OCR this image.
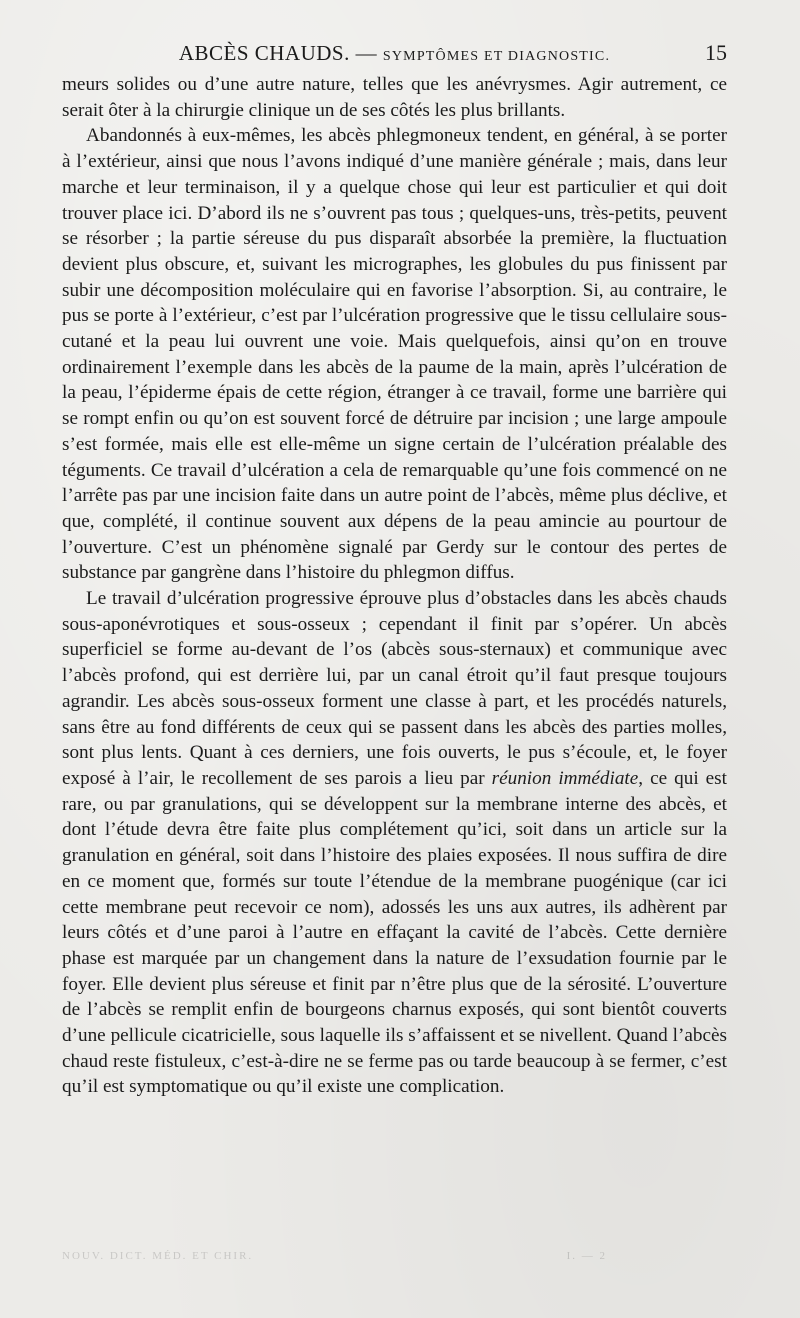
ABCÈS CHAUDS. — SYMPTÔMES ET DIAGNOSTIC.	15

meurs solides ou d’une autre nature, telles que les anévrysmes. Agir autrement, ce serait ôter à la chirurgie clinique un de ses côtés les plus brillants.

Abandonnés à eux-mêmes, les abcès phlegmoneux tendent, en général, à se porter à l’extérieur, ainsi que nous l’avons indiqué d’une manière générale ; mais, dans leur marche et leur terminaison, il y a quelque chose qui leur est particulier et qui doit trouver place ici. D’abord ils ne s’ouvrent pas tous ; quelques-uns, très-petits, peuvent se résorber ; la partie séreuse du pus disparaît absorbée la première, la fluctuation devient plus obscure, et, suivant les micrographes, les globules du pus finissent par subir une décomposition moléculaire qui en favorise l’absorption. Si, au contraire, le pus se porte à l’extérieur, c’est par l’ulcération progressive que le tissu cellulaire sous-cutané et la peau lui ouvrent une voie. Mais quelquefois, ainsi qu’on en trouve ordinairement l’exemple dans les abcès de la paume de la main, après l’ulcération de la peau, l’épiderme épais de cette région, étranger à ce travail, forme une barrière qui se rompt enfin ou qu’on est souvent forcé de détruire par incision ; une large ampoule s’est formée, mais elle est elle-même un signe certain de l’ulcération préalable des téguments. Ce travail d’ulcération a cela de remarquable qu’une fois commencé on ne l’arrête pas par une incision faite dans un autre point de l’abcès, même plus déclive, et que, complété, il continue souvent aux dépens de la peau amincie au pourtour de l’ouverture. C’est un phénomène signalé par Gerdy sur le contour des pertes de substance par gangrène dans l’histoire du phlegmon diffus.

Le travail d’ulcération progressive éprouve plus d’obstacles dans les abcès chauds sous-aponévrotiques et sous-osseux ; cependant il finit par s’opérer. Un abcès superficiel se forme au-devant de l’os (abcès sous-sternaux) et communique avec l’abcès profond, qui est derrière lui, par un canal étroit qu’il faut presque toujours agrandir. Les abcès sous-osseux forment une classe à part, et les procédés naturels, sans être au fond différents de ceux qui se passent dans les abcès des parties molles, sont plus lents. Quant à ces derniers, une fois ouverts, le pus s’écoule, et, le foyer exposé à l’air, le recollement de ses parois a lieu par réunion immédiate, ce qui est rare, ou par granulations, qui se développent sur la membrane interne des abcès, et dont l’étude devra être faite plus complétement qu’ici, soit dans un article sur la granulation en général, soit dans l’histoire des plaies exposées. Il nous suffira de dire en ce moment que, formés sur toute l’étendue de la membrane puogénique (car ici cette membrane peut recevoir ce nom), adossés les uns aux autres, ils adhèrent par leurs côtés et d’une paroi à l’autre en effaçant la cavité de l’abcès. Cette dernière phase est marquée par un changement dans la nature de l’exsudation fournie par le foyer. Elle devient plus séreuse et finit par n’être plus que de la sérosité. L’ouverture de l’abcès se remplit enfin de bourgeons charnus exposés, qui sont bientôt couverts d’une pellicule cicatricielle, sous laquelle ils s’affaissent et se nivellent. Quand l’abcès chaud reste fistuleux, c’est-à-dire ne se ferme pas ou tarde beaucoup à se fermer, c’est qu’il est symptomatique ou qu’il existe une complication.

NOUV. DICT. MÉD. ET CHIR.	I. — 2
